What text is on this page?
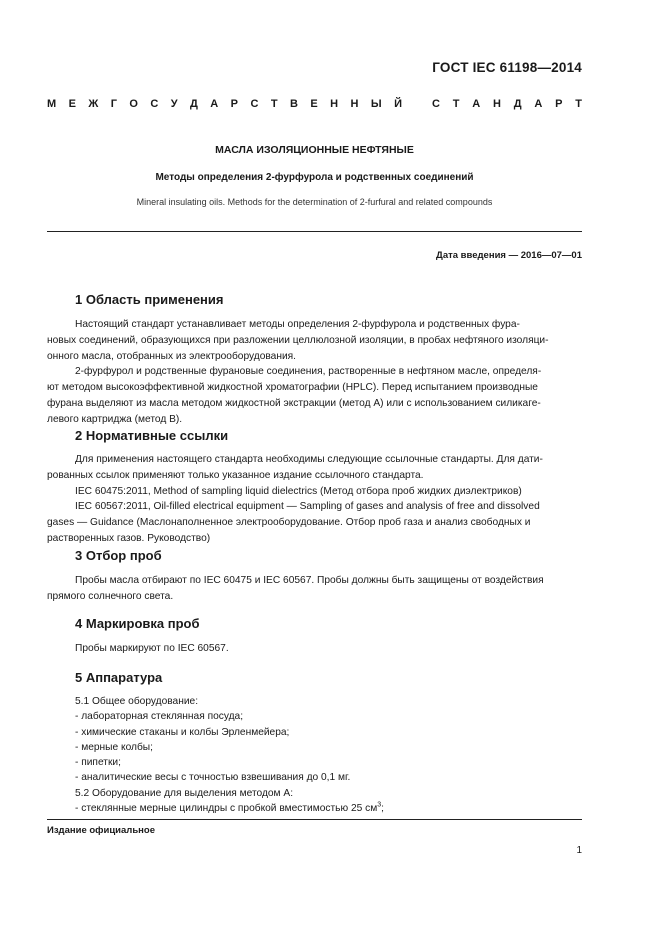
ГОСТ IEC 61198—2014
М Е Ж Г О С У Д А Р С Т В Е Н Н Ы Й	С Т А Н Д А Р Т
МАСЛА ИЗОЛЯЦИОННЫЕ НЕФТЯНЫЕ
Методы определения 2-фурфурола и родственных соединений
Mineral insulating oils. Methods for the determination of 2-furfural and related compounds
Дата введения — 2016—07—01
1 Область применения
Настоящий стандарт устанавливает методы определения 2-фурфурола и родственных фура-
новых соединений, образующихся при разложении целлюлозной изоляции, в пробах нефтяного изоляци-
онного масла, отобранных из электрооборудования.
2-фурфурол и родственные фурановые соединения, растворенные в нефтяном масле, определя-
ют методом высокоэффективной жидкостной хроматографии (HPLC). Перед испытанием производные
фурана выделяют из масла методом жидкостной экстракции (метод А) или с использованием силикаге-
левого картриджа (метод В).
2 Нормативные ссылки
Для применения настоящего стандарта необходимы следующие ссылочные стандарты. Для дати-
рованных ссылок применяют только указанное издание ссылочного стандарта.
IEC 60475:2011, Method of sampling liquid dielectrics (Метод отбора проб жидких диэлектриков)
IEC 60567:2011, Oil-filled electrical equipment — Sampling of gases and analysis of free and dissolved
gases — Guidance (Маслонаполненное электрооборудование. Отбор проб газа и анализ свободных и
растворенных газов. Руководство)
3 Отбор проб
Пробы масла отбирают по IEC 60475 и IEC 60567. Пробы должны быть защищены от воздействия
прямого солнечного света.
4 Маркировка проб
Пробы маркируют по IEC 60567.
5 Аппаратура
5.1 Общее оборудование:
- лабораторная стеклянная посуда;
- химические стаканы и колбы Эрленмейера;
- мерные колбы;
- пипетки;
- аналитические весы с точностью взвешивания до 0,1 мг.
5.2 Оборудование для выделения методом А:
- стеклянные мерные цилиндры с пробкой вместимостью 25 $см^3$;
Издание официальное
1
